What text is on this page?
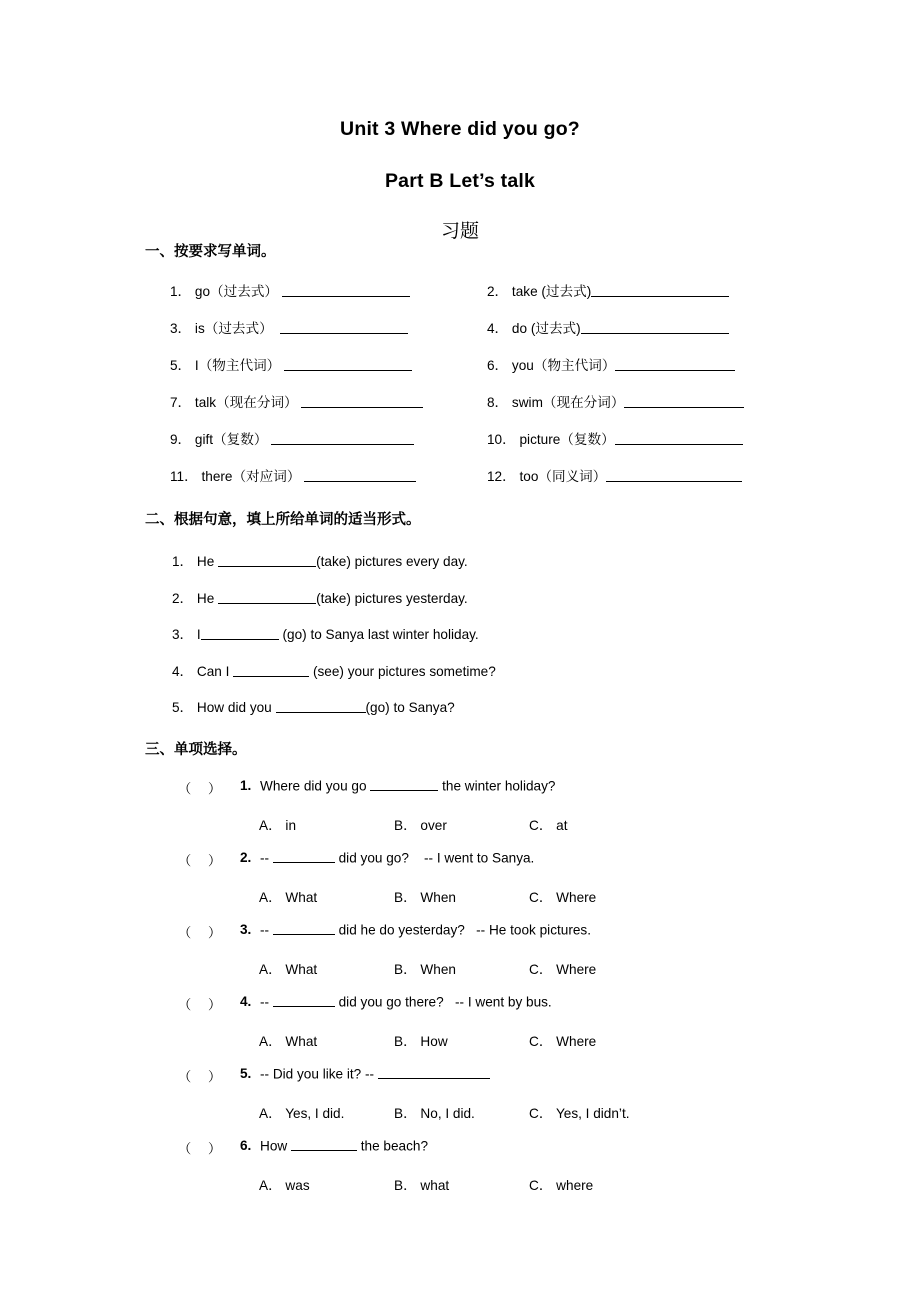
Unit 3 Where did you go?
Part B Let’s talk
习题
一、按要求写单词。
1． go（过去式）	2． take (过去式)
3． is（过去式）	4． do (过去式)
5． I（物主代词）	6． you（物主代词）
7． talk（现在分词）	8． swim（现在分词）
9． gift（复数）	10． picture（复数）
11． there（对应词）	12． too（同义词）
二、根据句意，填上所给单词的适当形式。
1． He	(take) pictures every day.
2． He	(take) pictures yesterday.
3． I	(go) to Sanya last winter holiday.
4． Can I	(see) your pictures sometime?
5． How did you	(go) to Sanya?
三、单项选择。
（    ） 1. Where did you go	the winter holiday?
A． in	B． over	C． at
（    ） 2. --	did you go?    -- I went to Sanya.
A． What	B． When	C． Where
（    ） 3. --	did he do yesterday?   -- He took pictures.
A． What	B． When	C． Where
（    ） 4. --	did you go there?   -- I went by bus.
A． What	B． How	C． Where
（    ） 5. -- Did you like it? --
A． Yes, I did.	B． No, I did.	C． Yes, I didn’t.
（    ） 6. How	the beach?
A． was	B． what	C． where
